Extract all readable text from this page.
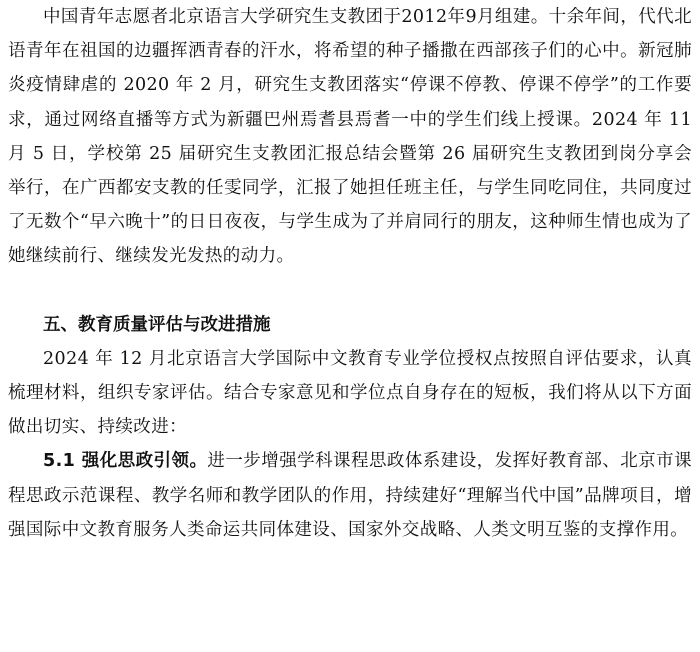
中国青年志愿者北京语言大学研究生支教团于2012年9月组建。十余年间，代代北语青年在祖国的边疆挥洒青春的汗水，将希望的种子播撒在西部孩子们的心中。新冠肺炎疫情肆虐的 2020 年 2 月，研究生支教团落实“停课不停教、停课不停学”的工作要求，通过网络直播等方式为新疆巴州焉耆县焉耆一中的学生们线上授课。2024 年 11 月 5 日，学校第 25 届研究生支教团汇报总结会暨第 26 届研究生支教团到岗分享会举行，在广西都安支教的任雯同学，汇报了她担任班主任，与学生同吃同住，共同度过了无数个“早六晚十”的日日夜夜，与学生成为了并肩同行的朋友，这种师生情也成为了她继续前行、继续发光发热的动力。

五、教育质量评估与改进措施

2024 年 12 月北京语言大学国际中文教育专业学位授权点按照自评估要求，认真梳理材料，组织专家评估。结合专家意见和学位点自身存在的短板，我们将从以下方面做出切实、持续改进：

5.1 强化思政引领。进一步增强学科课程思政体系建设，发挥好教育部、北京市课程思政示范课程、教学名师和教学团队的作用，持续建好“理解当代中国”品牌项目，增强国际中文教育服务人类命运共同体建设、国家外交战略、人类文明互鉴的支撑作用。
